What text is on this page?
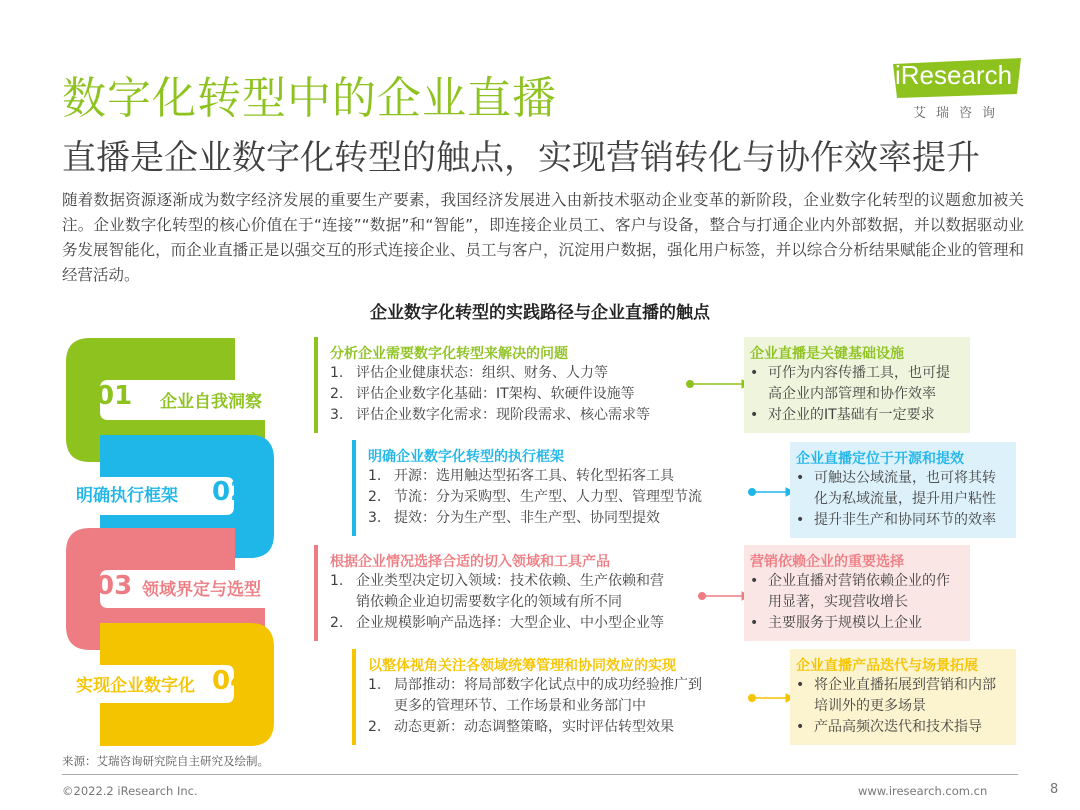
数字化转型中的企业直播
直播是企业数字化转型的触点，实现营销转化与协作效率提升
iResearch
艾瑞咨询
随着数据资源逐渐成为数字经济发展的重要生产要素，我国经济发展进入由新技术驱动企业变革的新阶段，企业数字化转型的议题愈加被关注。企业数字化转型的核心价值在于“连接”“数据”和“智能”，即连接企业员工、客户与设备，整合与打通企业内外部数据，并以数据驱动业务发展智能化，而企业直播正是以强交互的形式连接企业、员工与客户，沉淀用户数据，强化用户标签，并以综合分析结果赋能企业的管理和经营活动。
企业数字化转型的实践路径与企业直播的触点
01 企业自我洞察
明确执行框架 02
03 领域界定与选型
实现企业数字化 04
分析企业需要数字化转型来解决的问题
1. 评估企业健康状态：组织、财务、人力等
2. 评估企业数字化基础：IT架构、软硬件设施等
3. 评估企业数字化需求：现阶段需求、核心需求等
明确企业数字化转型的执行框架
1. 开源：选用触达型拓客工具、转化型拓客工具
2. 节流：分为采购型、生产型、人力型、管理型节流
3. 提效：分为生产型、非生产型、协同型提效
根据企业情况选择合适的切入领域和工具产品
1. 企业类型决定切入领域：技术依赖、生产依赖和营
销依赖企业迫切需要数字化的领域有所不同
2. 企业规模影响产品选择：大型企业、中小型企业等
以整体视角关注各领域统筹管理和协同效应的实现
1. 局部推动：将局部数字化试点中的成功经验推广到
更多的管理环节、工作场景和业务部门中
2. 动态更新：动态调整策略，实时评估转型效果
企业直播是关键基础设施
• 可作为内容传播工具，也可提
高企业内部管理和协作效率
• 对企业的IT基础有一定要求
企业直播定位于开源和提效
• 可触达公域流量，也可将其转
化为私域流量，提升用户粘性
• 提升非生产和协同环节的效率
营销依赖企业的重要选择
• 企业直播对营销依赖企业的作
用显著，实现营收增长
• 主要服务于规模以上企业
企业直播产品迭代与场景拓展
• 将企业直播拓展到营销和内部
培训外的更多场景
• 产品高频次迭代和技术指导
来源：艾瑞咨询研究院自主研究及绘制。
©2022.2 iResearch Inc.	www.iresearch.com.cn	8
